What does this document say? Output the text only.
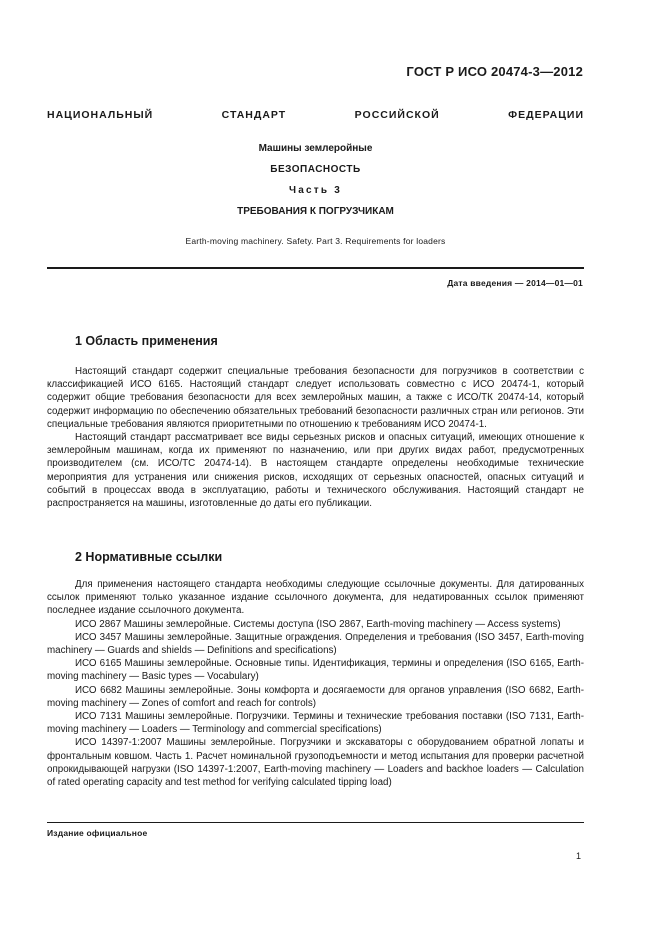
ГОСТ Р ИСО 20474-3—2012
НАЦИОНАЛЬНЫЙ СТАНДАРТ РОССИЙСКОЙ ФЕДЕРАЦИИ
Машины землеройные
БЕЗОПАСНОСТЬ
Часть 3
ТРЕБОВАНИЯ К ПОГРУЗЧИКАМ
Earth-moving machinery. Safety. Part 3. Requirements for loaders
Дата введения — 2014—01—01
1 Область применения

Настоящий стандарт содержит специальные требования безопасности для погрузчиков в соответствии с классификацией ИСО 6165. Настоящий стандарт следует использовать совместно с ИСО 20474-1, который содержит общие требования безопасности для всех землеройных машин, а также с ИСО/ТК 20474-14, который содержит информацию по обеспечению обязательных требований безопасности различных стран или регионов. Эти специальные требования являются приоритетными по отношению к требованиям ИСО 20474-1.

Настоящий стандарт рассматривает все виды серьезных рисков и опасных ситуаций, имеющих отношение к землеройным машинам, когда их применяют по назначению, или при других видах работ, предусмотренных производителем (см. ИСО/ТС 20474-14). В настоящем стандарте определены необходимые технические мероприятия для устранения или снижения рисков, исходящих от серьезных опасностей, опасных ситуаций и событий в процессах ввода в эксплуатацию, работы и технического обслуживания. Настоящий стандарт не распространяется на машины, изготовленные до даты его публикации.

2 Нормативные ссылки

Для применения настоящего стандарта необходимы следующие ссылочные документы. Для датированных ссылок применяют только указанное издание ссылочного документа, для недатированных ссылок применяют последнее издание ссылочного документа.

ИСО 2867 Машины землеройные. Системы доступа (ISO 2867, Earth-moving machinery — Access systems)

ИСО 3457 Машины землеройные. Защитные ограждения. Определения и требования (ISO 3457, Earth-moving machinery — Guards and shields — Definitions and specifications)

ИСО 6165 Машины землеройные. Основные типы. Идентификация, термины и определения (ISO 6165, Earth-moving machinery — Basic types — Vocabulary)

ИСО 6682 Машины землеройные. Зоны комфорта и досягаемости для органов управления (ISO 6682, Earth-moving machinery — Zones of comfort and reach for controls)

ИСО 7131 Машины землеройные. Погрузчики. Термины и технические требования поставки (ISO 7131, Earth-moving machinery — Loaders — Terminology and commercial specifications)

ИСО 14397-1:2007 Машины землеройные. Погрузчики и экскаваторы с оборудованием обратной лопаты и фронтальным ковшом. Часть 1. Расчет номинальной грузоподъемности и метод испытания для проверки расчетной опрокидывающей нагрузки (ISO 14397-1:2007, Earth-moving machinery — Loaders and backhoe loaders — Calculation of rated operating capacity and test method for verifying calculated tipping load)

Издание официальное
1
